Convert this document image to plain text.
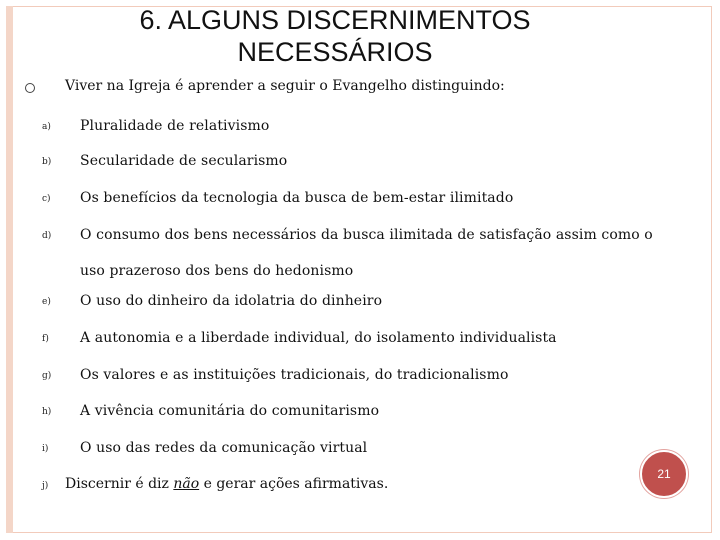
6. ALGUNS DISCERNIMENTOS
NECESSÁRIOS
Viver na Igreja é aprender a seguir o Evangelho distinguindo:
a) Pluralidade de relativismo
b) Secularidade de secularismo
c) Os benefícios da tecnologia da busca de bem-estar ilimitado
d) O consumo dos bens necessários da busca ilimitada de satisfação assim como o uso prazeroso dos bens do hedonismo
e) O uso do dinheiro da idolatria do dinheiro
f) A autonomia e a liberdade individual, do isolamento individualista
g) Os valores e as instituições tradicionais, do tradicionalismo
h) A vivência comunitária do comunitarismo
i) O uso das redes da comunicação virtual
j) Discernir é diz não e gerar ações afirmativas.
21
